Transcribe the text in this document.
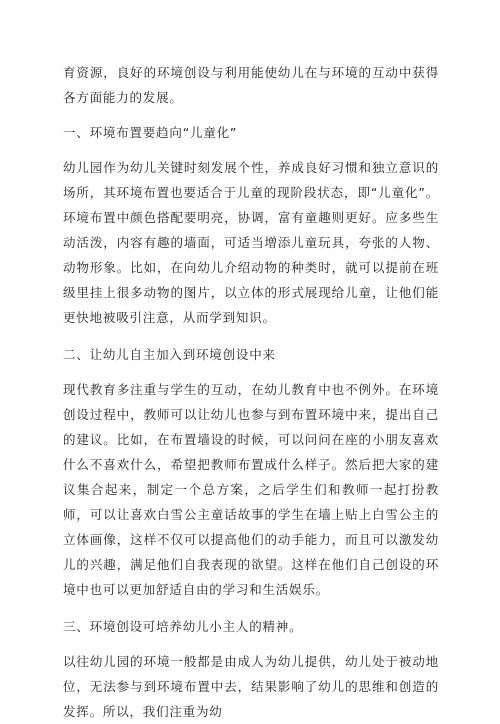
育资源，良好的环境创设与利用能使幼儿在与环境的互动中获得各方面能力的发展。

一、环境布置要趋向“儿童化”

幼儿园作为幼儿关键时刻发展个性，养成良好习惯和独立意识的场所，其环境布置也要适合于儿童的现阶段状态，即“儿童化”。环境布置中颜色搭配要明亮，协调，富有童趣则更好。应多些生动活泼，内容有趣的墙面，可适当增添儿童玩具，夸张的人物、动物形象。比如，在向幼儿介绍动物的种类时，就可以提前在班级里挂上很多动物的图片，以立体的形式展现给儿童，让他们能更快地被吸引注意，从而学到知识。

二、让幼儿自主加入到环境创设中来

现代教育多注重与学生的互动，在幼儿教育中也不例外。在环境创设过程中，教师可以让幼儿也参与到布置环境中来，提出自己的建议。比如，在布置墙设的时候，可以问问在座的小朋友喜欢什么不喜欢什么，希望把教师布置成什么样子。然后把大家的建议集合起来，制定一个总方案，之后学生们和教师一起打扮教师，可以让喜欢白雪公主童话故事的学生在墙上贴上白雪公主的立体画像，这样不仅可以提高他们的动手能力，而且可以激发幼儿的兴趣，满足他们自我表现的欲望。这样在他们自己创设的环境中也可以更加舒适自由的学习和生活娱乐。

三、环境创设可培养幼儿小主人的精神。

以往幼儿园的环境一般都是由成人为幼儿提供，幼儿处于被动地位，无法参与到环境布置中去，结果影响了幼儿的思维和创造的发挥。所以，我们注重为幼
